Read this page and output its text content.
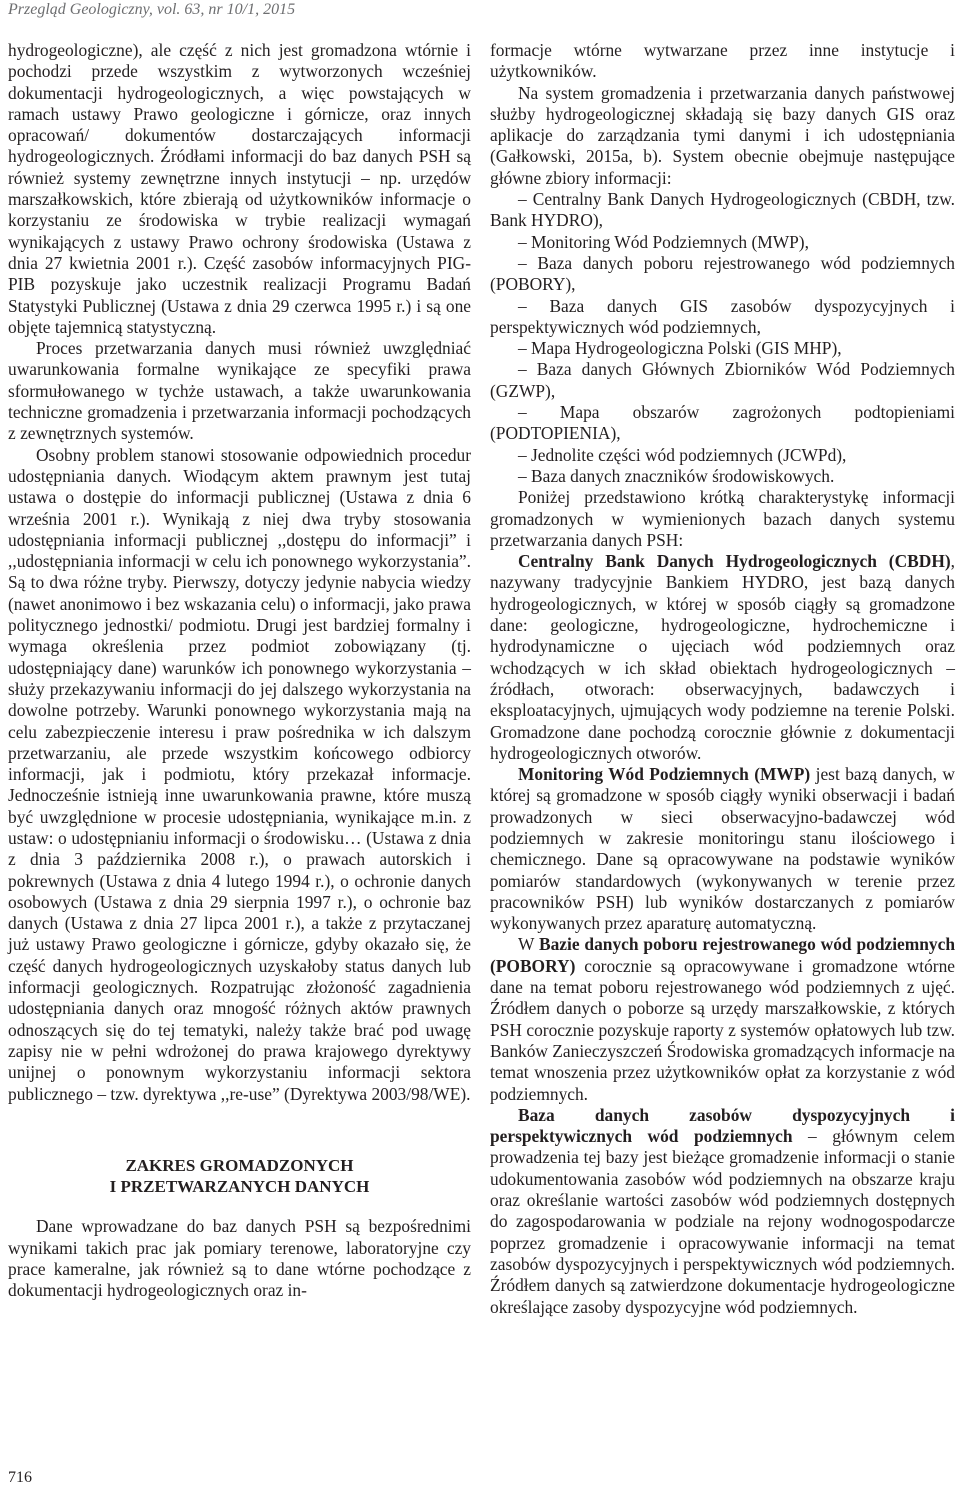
Przegląd Geologiczny, vol. 63, nr 10/1, 2015

hydrogeologiczne), ale część z nich jest gromadzona wtórnie i pochodzi przede wszystkim z wytworzonych wcześniej dokumentacji hydrogeologicznych, a więc powstających w ramach ustawy Prawo geologiczne i górnicze, oraz innych opracowań/ dokumentów dostarczających informacji hydrogeologicznych. Źródłami informacji do baz danych PSH są również systemy zewnętrzne innych instytucji – np. urzędów marszałkowskich, które zbierają od użytkowników informacje o korzystaniu ze środowiska w trybie realizacji wymagań wynikających z ustawy Prawo ochrony środowiska (Ustawa z dnia 27 kwietnia 2001 r.). Część zasobów informacyjnych PIG-PIB pozyskuje jako uczestnik realizacji Programu Badań Statystyki Publicznej (Ustawa z dnia 29 czerwca 1995 r.) i są one objęte tajemnicą statystyczną.

Proces przetwarzania danych musi również uwzględniać uwarunkowania formalne wynikające ze specyfiki prawa sformułowanego w tychże ustawach, a także uwarunkowania techniczne gromadzenia i przetwarzania informacji pochodzących z zewnętrznych systemów.

Osobny problem stanowi stosowanie odpowiednich procedur udostępniania danych. Wiodącym aktem prawnym jest tutaj ustawa o dostępie do informacji publicznej (Ustawa z dnia 6 września 2001 r.). Wynikają z niej dwa tryby stosowania udostępniania informacji publicznej ,,dostępu do informacji” i ,,udostępniania informacji w celu ich ponownego wykorzystania”. Są to dwa różne tryby. Pierwszy, dotyczy jedynie nabycia wiedzy (nawet anonimowo i bez wskazania celu) o informacji, jako prawa politycznego jednostki/ podmiotu. Drugi jest bardziej formalny i wymaga określenia przez podmiot zobowiązany (tj. udostępniający dane) warunków ich ponownego wykorzystania – służy przekazywaniu informacji do jej dalszego wykorzystania na dowolne potrzeby. Warunki ponownego wykorzystania mają na celu zabezpieczenie interesu i praw pośrednika w ich dalszym przetwarzaniu, ale przede wszystkim końcowego odbiorcy informacji, jak i podmiotu, który przekazał informacje. Jednocześnie istnieją inne uwarunkowania prawne, które muszą być uwzględnione w procesie udostępniania, wynikające m.in. z ustaw: o udostępnianiu informacji o środowisku… (Ustawa z dnia z dnia 3 października 2008 r.), o prawach autorskich i pokrewnych (Ustawa z dnia 4 lutego 1994 r.), o ochronie danych osobowych (Ustawa z dnia 29 sierpnia 1997 r.), o ochronie baz danych (Ustawa z dnia 27 lipca 2001 r.), a także z przytaczanej już ustawy Prawo geologiczne i górnicze, gdyby okazało się, że część danych hydrogeologicznych uzyskałoby status danych lub informacji geologicznych. Rozpatrując złożoność zagadnienia udostępniania danych oraz mnogość różnych aktów prawnych odnoszących się do tej tematyki, należy także brać pod uwagę zapisy nie w pełni wdrożonej do prawa krajowego dyrektywy unijnej o ponownym wykorzystaniu informacji sektora publicznego – tzw. dyrektywa ,,re-use” (Dyrektywa 2003/98/WE).

ZAKRES GROMADZONYCH
I PRZETWARZANYCH DANYCH

Dane wprowadzane do baz danych PSH są bezpośrednimi wynikami takich prac jak pomiary terenowe, laboratoryjne czy prace kameralne, jak również są to dane wtórne pochodzące z dokumentacji hydrogeologicznych oraz in-

formacje wtórne wytwarzane przez inne instytucje i użytkowników.

Na system gromadzenia i przetwarzania danych państwowej służby hydrogeologicznej składają się bazy danych GIS oraz aplikacje do zarządzania tymi danymi i ich udostępniania (Gałkowski, 2015a, b). System obecnie obejmuje następujące główne zbiory informacji:

– Centralny Bank Danych Hydrogeologicznych (CBDH, tzw. Bank HYDRO),

– Monitoring Wód Podziemnych (MWP),

– Baza danych poboru rejestrowanego wód podziemnych (POBORY),

– Baza danych GIS zasobów dyspozycyjnych i perspektywicznych wód podziemnych,

– Mapa Hydrogeologiczna Polski (GIS MHP),

– Baza danych Głównych Zbiorników Wód Podziemnych (GZWP),

– Mapa obszarów zagrożonych podtopieniami (PODTOPIENIA),

– Jednolite części wód podziemnych (JCWPd),

– Baza danych znaczników środowiskowych.

Poniżej przedstawiono krótką charakterystykę informacji gromadzonych w wymienionych bazach danych systemu przetwarzania danych PSH:

Centralny Bank Danych Hydrogeologicznych (CBDH), nazywany tradycyjnie Bankiem HYDRO, jest bazą danych hydrogeologicznych, w której w sposób ciągły są gromadzone dane: geologiczne, hydrogeologiczne, hydrochemiczne i hydrodynamiczne o ujęciach wód podziemnych oraz wchodzących w ich skład obiektach hydrogeologicznych – źródłach, otworach: obserwacyjnych, badawczych i eksploatacyjnych, ujmujących wody podziemne na terenie Polski. Gromadzone dane pochodzą corocznie głównie z dokumentacji hydrogeologicznych otworów.

Monitoring Wód Podziemnych (MWP) jest bazą danych, w której są gromadzone w sposób ciągły wyniki obserwacji i badań prowadzonych w sieci obserwacyjno-badawczej wód podziemnych w zakresie monitoringu stanu ilościowego i chemicznego. Dane są opracowywane na podstawie wyników pomiarów standardowych (wykonywanych w terenie przez pracowników PSH) lub wyników dostarczanych z pomiarów wykonywanych przez aparaturę automatyczną.

W Bazie danych poboru rejestrowanego wód podziemnych (POBORY) corocznie są opracowywane i gromadzone wtórne dane na temat poboru rejestrowanego wód podziemnych z ujęć. Źródłem danych o poborze są urzędy marszałkowskie, z których PSH corocznie pozyskuje raporty z systemów opłatowych lub tzw. Banków Zanieczyszczeń Środowiska gromadzących informacje na temat wnoszenia przez użytkowników opłat za korzystanie z wód podziemnych.

Baza danych zasobów dyspozycyjnych i perspektywicznych wód podziemnych – głównym celem prowadzenia tej bazy jest bieżące gromadzenie informacji o stanie udokumentowania zasobów wód podziemnych na obszarze kraju oraz określanie wartości zasobów wód podziemnych dostępnych do zagospodarowania w podziale na rejony wodnogospodarcze poprzez gromadzenie i opracowywanie informacji na temat zasobów dyspozycyjnych i perspektywicznych wód podziemnych. Źródłem danych są zatwierdzone dokumentacje hydrogeologiczne określające zasoby dyspozycyjne wód podziemnych.

716
